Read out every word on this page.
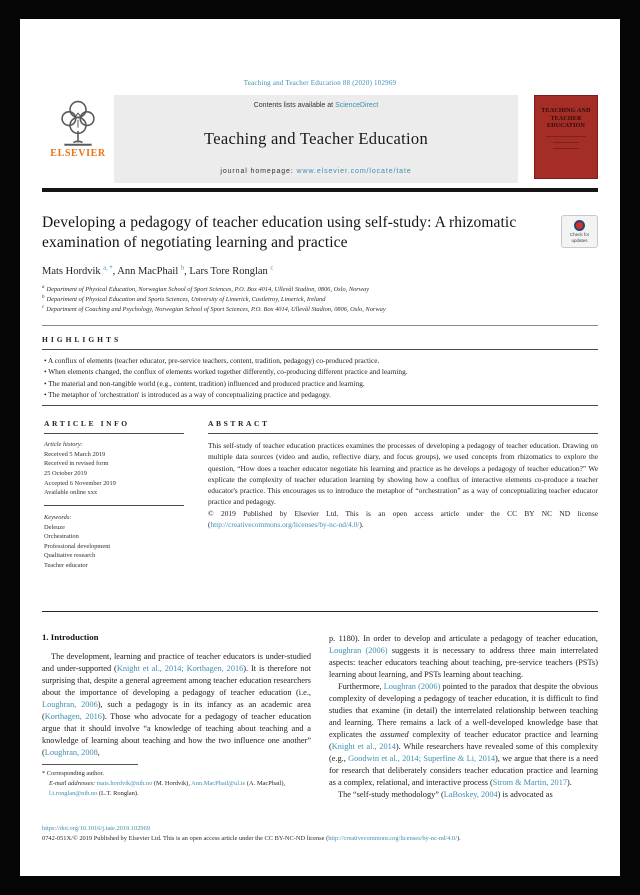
Teaching and Teacher Education 88 (2020) 102969
ELSEVIER
Contents lists available at ScienceDirect
Teaching and Teacher Education
journal homepage: www.elsevier.com/locate/tate
TEACHING AND TEACHER EDUCATION
Developing a pedagogy of teacher education using self-study: A rhizomatic examination of negotiating learning and practice	Check for updates
Mats Hordvik $^{a, *}$, Ann MacPhail $^b$, Lars Tore Ronglan $^c$
$^a$ Department of Physical Education, Norwegian School of Sport Sciences, P.O. Box 4014, Ullevål Stadion, 0806, Oslo, Norway
$^b$ Department of Physical Education and Sports Sciences, University of Limerick, Castletroy, Limerick, Ireland
$^c$ Department of Coaching and Psychology, Norwegian School of Sport Sciences, P.O. Box 4014, Ullevål Stadion, 0806, Oslo, Norway
HIGHLIGHTS
• A conflux of elements (teacher educator, pre-service teachers, content, tradition, pedagogy) co-produced practice.
• When elements changed, the conflux of elements worked together differently, co-producing different practice and learning.
• The material and non-tangible world (e.g., content, tradition) influenced and produced practice and learning.
• The metaphor of 'orchestration' is introduced as a way of conceptualizing practice and pedagogy.
ARTICLE INFO
Article history:
Received 5 March 2019
Received in revised form
25 October 2019
Accepted 6 November 2019
Available online xxx
Keywords:
Deleuze
Orchestration
Professional development
Qualitative research
Teacher educator
ABSTRACT
This self-study of teacher education practices examines the processes of developing a pedagogy of teacher education. Drawing on multiple data sources (video and audio, reflective diary, and focus groups), we used concepts from rhizomatics to explore the question, “How does a teacher educator negotiate his learning and practice as he develops a pedagogy of teacher education?” We explicate the complexity of teacher education learning by showing how a conflux of interactive elements co-produce a teacher educator's practice. This encourages us to introduce the metaphor of “orchestration” as a way of conceptualizing teacher educator practice and pedagogy.
© 2019 Published by Elsevier Ltd. This is an open access article under the CC BY NC ND license (http://creativecommons.org/licenses/by-nc-nd/4.0/).
1. Introduction

The development, learning and practice of teacher educators is under-studied and under-supported (Knight et al., 2014; Korthagen, 2016). It is therefore not surprising that, despite a general agreement among teacher education researchers about the importance of developing a pedagogy of teacher education (i.e., Loughran, 2006), such a pedagogy is in its infancy as an academic area (Korthagen, 2016). Those who advocate for a pedagogy of teacher education argue that it should involve “a knowledge of teaching about teaching and a knowledge of learning about teaching and how the two influence one another” (Loughran, 2008,

* Corresponding author.
E-mail addresses: mats.hordvik@nih.no (M. Hordvik), Ann.MacPhail@ul.ie (A. MacPhail), l.t.ronglan@nih.no (L.T. Ronglan).

p. 1180). In order to develop and articulate a pedagogy of teacher education, Loughran (2006) suggests it is necessary to address three main interrelated aspects: teacher educators teaching about teaching, pre-service teachers (PSTs) learning about learning, and PSTs learning about teaching.

Furthermore, Loughran (2006) pointed to the paradox that despite the obvious complexity of developing a pedagogy of teacher education, it is difficult to find studies that examine (in detail) the interrelated relationship between teaching and learning. There remains a lack of a well-developed knowledge base that explicates the assumed complexity of teacher educator practice and learning (Knight et al., 2014). While researchers have revealed some of this complexity (e.g., Goodwin et al., 2014; Superfine & Li, 2014), we argue that there is a need for research that deliberately considers teacher education practice and learning as a complex, relational, and interactive process (Strom & Martin, 2017).

The “self-study methodology” (LaBoskey, 2004) is advocated as

https://doi.org/10.1016/j.tate.2019.102969
0742-051X/© 2019 Published by Elsevier Ltd. This is an open access article under the CC BY-NC-ND license (http://creativecommons.org/licenses/by-nc-nd/4.0/).
